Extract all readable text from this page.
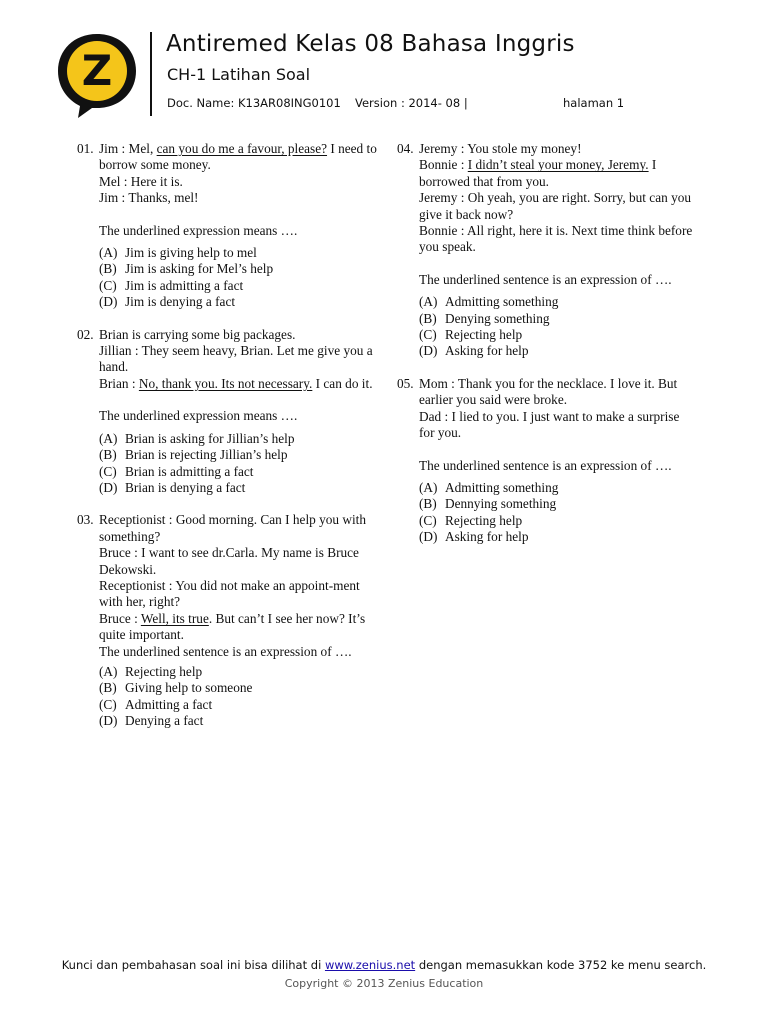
Z
Antiremed Kelas 08 Bahasa Inggris
CH-1 Latihan Soal
Doc. Name: K13AR08ING0101 Version : 2014- 08 |	halaman 1
01. Jim : Mel, can you do me a favour, please? I need to borrow some money.

Mel : Here it is.

Jim : Thanks, mel!

The underlined expression means ….

(A) Jim is giving help to mel
(B) Jim is asking for Mel’s help
(C) Jim is admitting a fact
(D) Jim is denying a fact
02. Brian is carrying some big packages.

Jillian : They seem heavy, Brian. Let me give you a hand.

Brian : No, thank you. Its not necessary. I can do it.

The underlined expression means ….

(A) Brian is asking for Jillian’s help
(B) Brian is rejecting Jillian’s help
(C) Brian is admitting a fact
(D) Brian is denying a fact
03. Receptionist : Good morning. Can I help you with something?

Bruce : I want to see dr.Carla. My name is Bruce Dekowski.

Receptionist : You did not make an appoint-ment with her, right?

Bruce : Well, its true. But can’t I see her now? It’s quite important.

The underlined sentence is an expression of ….

(A) Rejecting help
(B) Giving help to someone
(C) Admitting a fact
(D) Denying a fact
04. Jeremy : You stole my money!

Bonnie : I didn’t steal your money, Jeremy. I borrowed that from you.

Jeremy : Oh yeah, you are right. Sorry, but can you give it back now?

Bonnie : All right, here it is. Next time think before you speak.

The underlined sentence is an expression of ….

(A) Admitting something
(B) Denying something
(C) Rejecting help
(D) Asking for help
05. Mom : Thank you for the necklace. I love it. But earlier you said were broke.

Dad : I lied to you. I just want to make a surprise for you.

The underlined sentence is an expression of ….

(A) Admitting something
(B) Dennying something
(C) Rejecting help
(D) Asking for help
Kunci dan pembahasan soal ini bisa dilihat di www.zenius.net dengan memasukkan kode 3752 ke menu search.
Copyright © 2013 Zenius Education
